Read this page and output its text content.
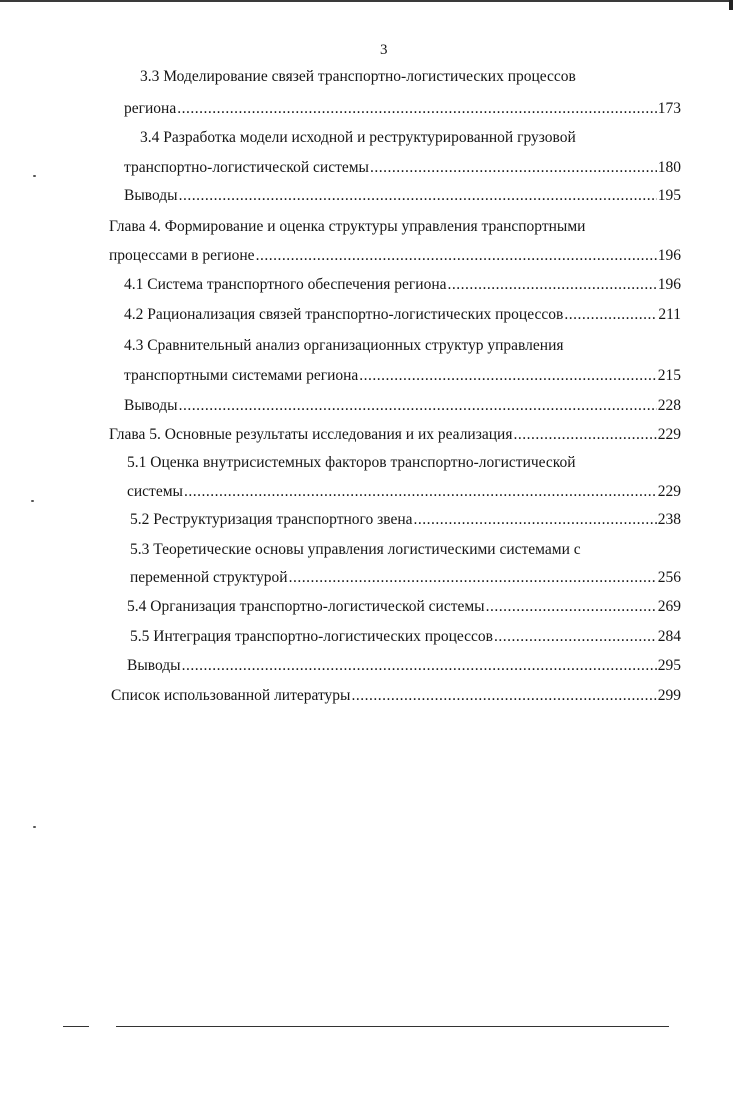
3
3.3 Моделирование связей транспортно-логистических процессов
региона .....	173
3.4 Разработка модели исходной и реструктурированной грузовой
транспортно-логистической системы .....	180
Выводы .....	195
Глава 4. Формирование и оценка структуры управления транспортными
процессами в регионе .....	196
4.1 Система транспортного обеспечения региона .....	196
4.2 Рационализация связей транспортно-логистических процессов .....	211
4.3 Сравнительный анализ организационных структур управления
транспортными системами региона .....	215
Выводы .....	228
Глава 5. Основные результаты исследования и их реализация .....	229
5.1 Оценка внутрисистемных факторов транспортно-логистической
системы .....	229
5.2 Реструктуризация транспортного звена .....	238
5.3 Теоретические основы управления логистическими системами с
переменной структурой .....	256
5.4 Организация транспортно-логистической системы .....	269
5.5 Интеграция транспортно-логистических процессов .....	284
Выводы .....	295
Список использованной литературы .....	299
